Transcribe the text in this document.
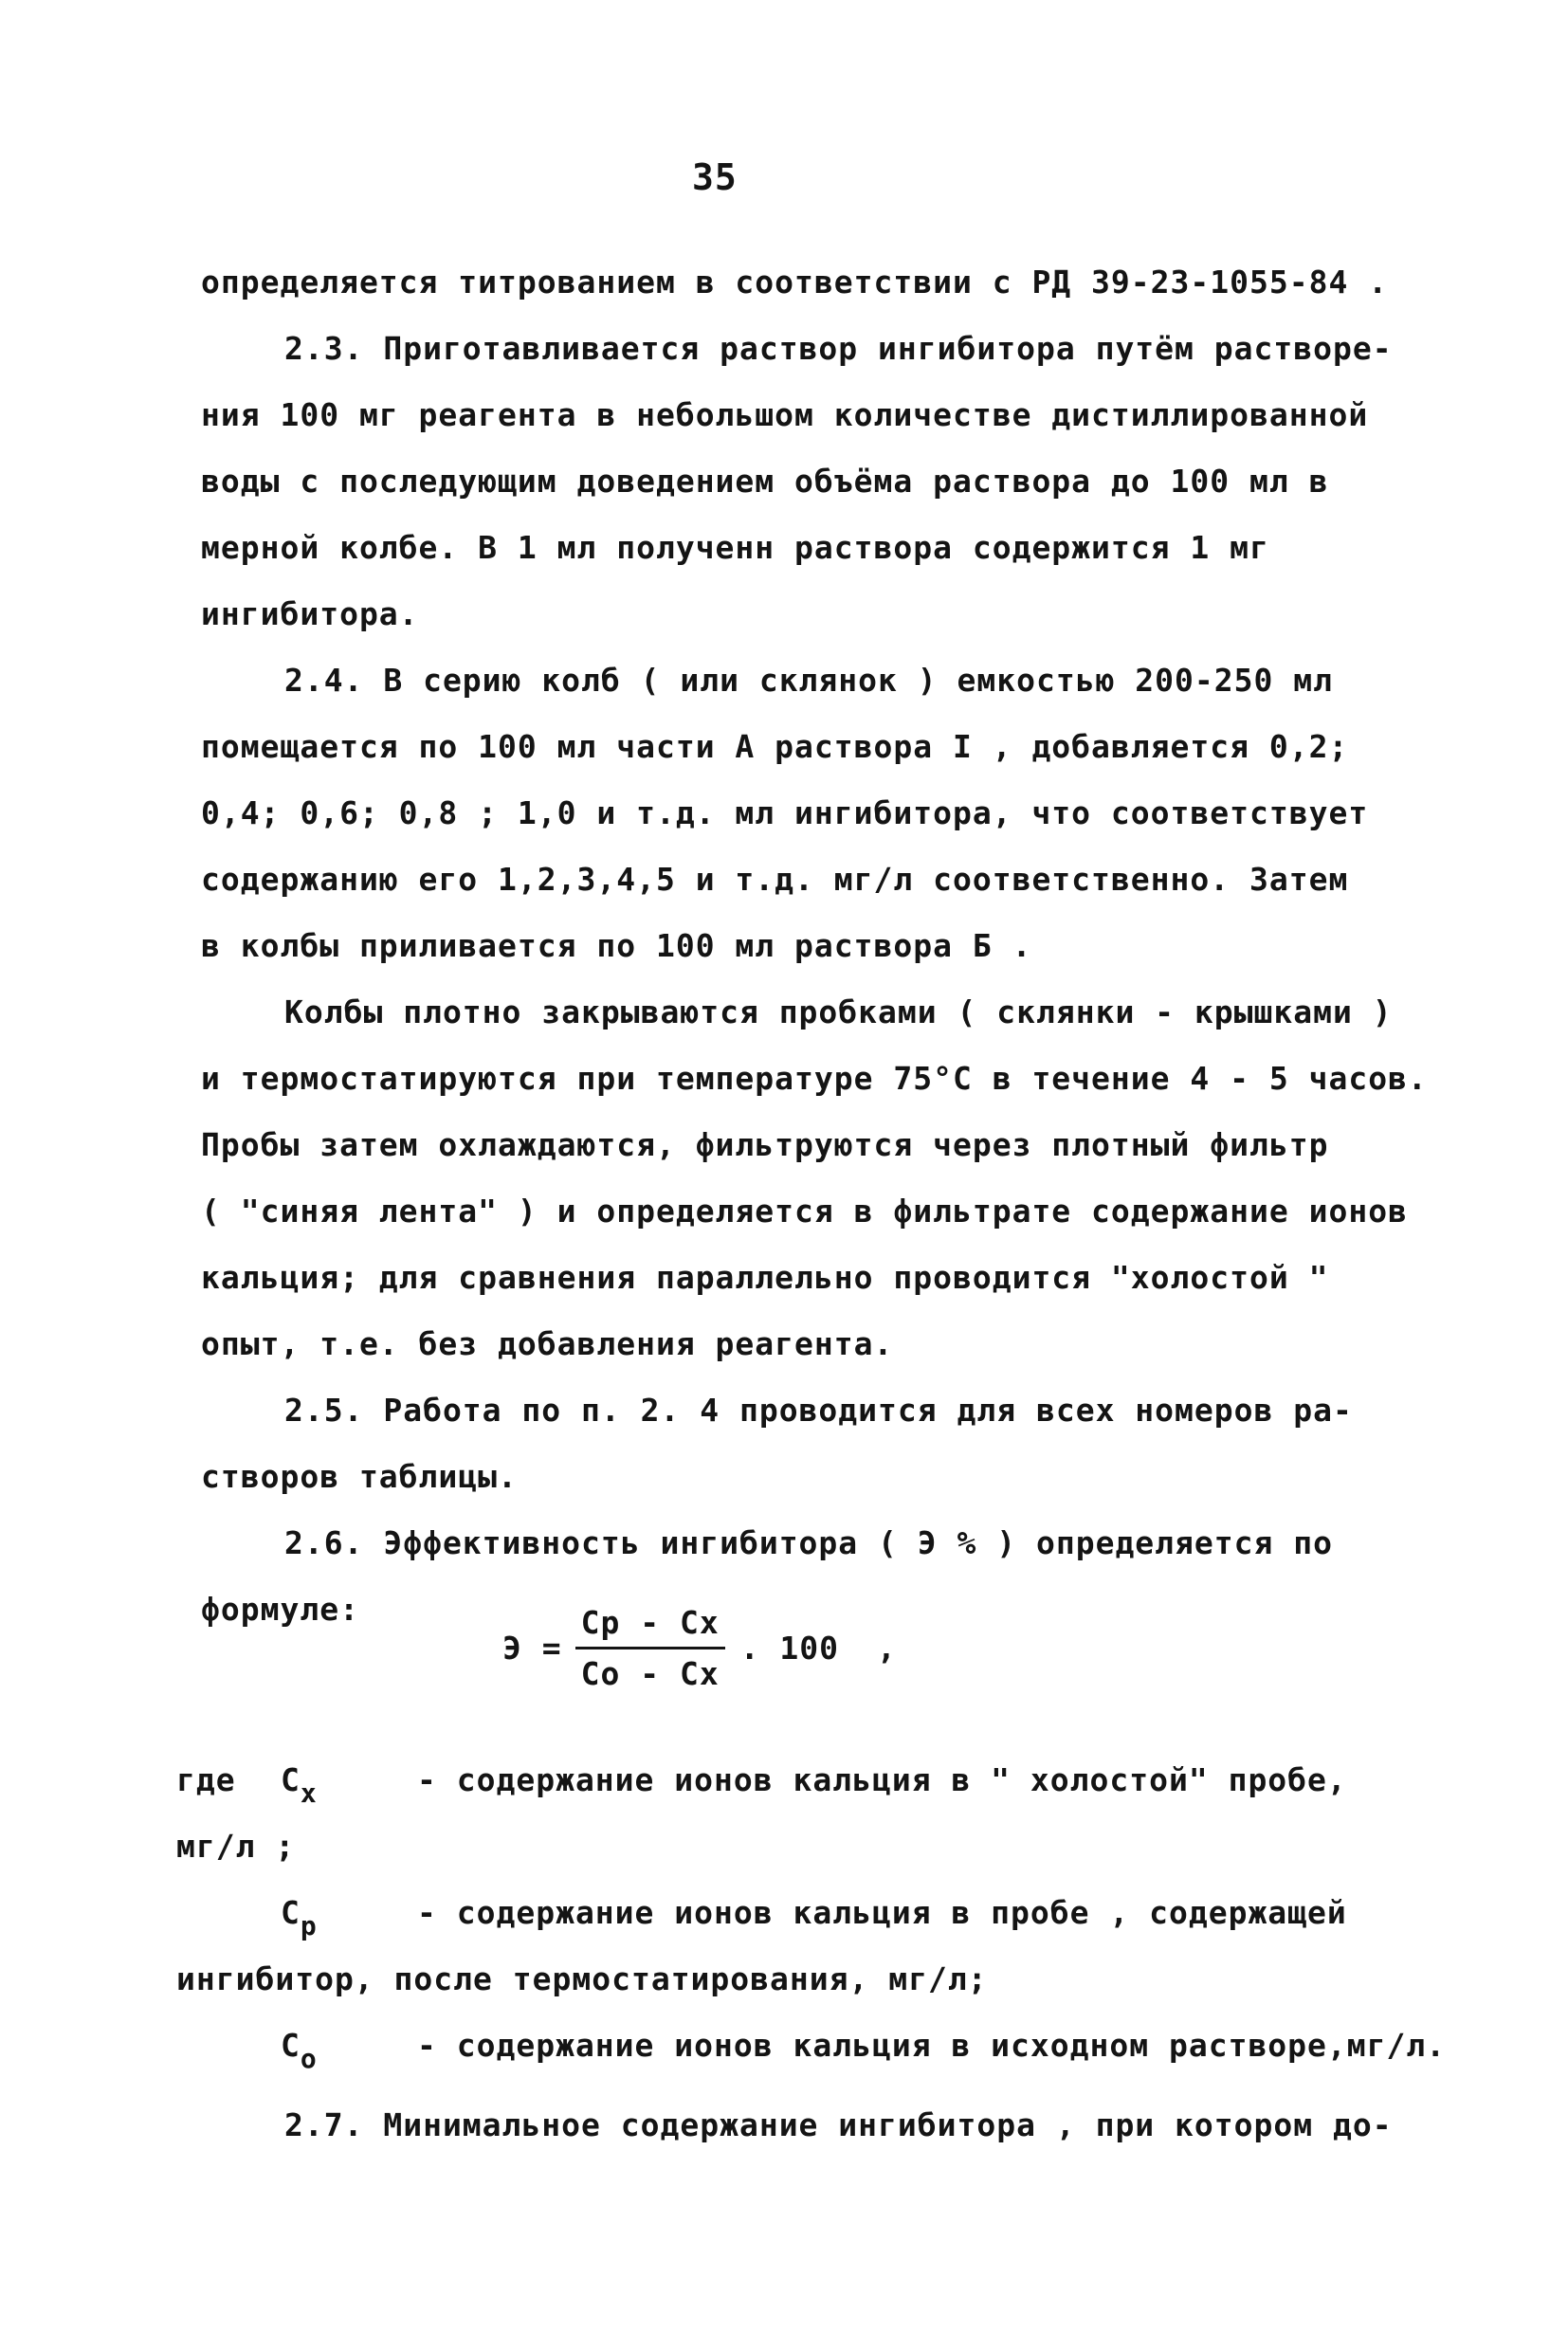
35
определяется титрованием в соответствии с РД 39-23-1055-84 .
2.3. Приготавливается раствор ингибитора путём растворе-
ния 100 мг реагента в небольшом количестве дистиллированной
воды с последующим доведением объёма раствора до 100 мл в
мерной колбе. В 1 мл полученн раствора содержится 1 мг
ингибитора.
2.4. В серию колб ( или склянок ) емкостью 200-250 мл
помещается по 100 мл части А раствора I , добавляется 0,2;
0,4; 0,6; 0,8 ; 1,0 и т.д. мл ингибитора, что соответствует
содержанию его 1,2,3,4,5 и т.д. мг/л соответственно. Затем
в колбы приливается по 100 мл раствора Б .
Колбы плотно закрываются пробками ( склянки - крышками )
и термостатируются при температуре 75°С в течение 4 - 5 часов.
Пробы затем охлаждаются, фильтруются через плотный фильтр
( "синяя лента" ) и определяется в фильтрате содержание ионов
кальция; для сравнения параллельно проводится "холостой "
опыт, т.е. без добавления реагента.
2.5. Работа по п. 2. 4 проводится для всех номеров ра-
створов таблицы.
2.6. Эффективность ингибитора ( Э % ) определяется по
формуле:
$Э = \frac{Cр - Cх}{Cо - Cх}$ . 100 ,
где $C_х$	- содержание ионов кальция в " холостой" пробе,
мг/л ;
$C_р$	- содержание ионов кальция в пробе , содержащей
ингибитор, после термостатирования, мг/л;
$C_о$	- содержание ионов кальция в исходном растворе,мг/л.
2.7. Минимальное содержание ингибитора , при котором до-
